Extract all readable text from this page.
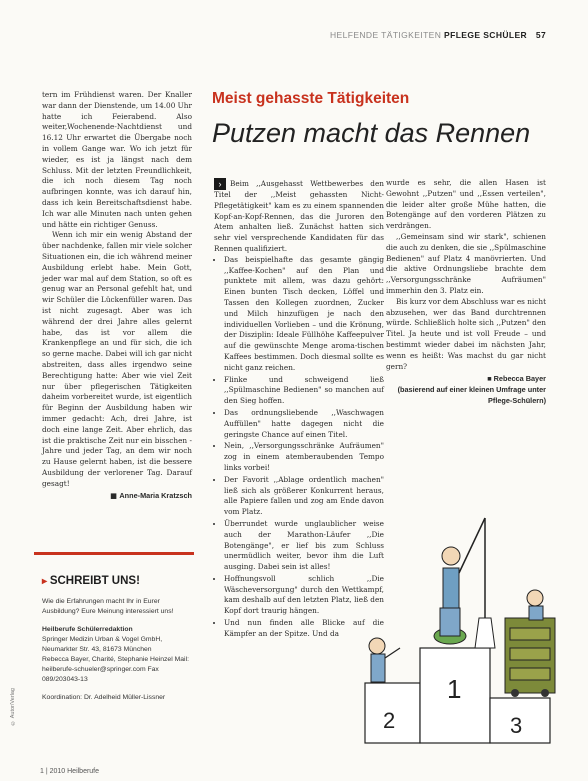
HELFENDE TÄTIGKEITEN PFLEGE SCHÜLER 57
Meist gehasste Tätigkeiten
Putzen macht das Rennen

tern im Frühdienst waren. Der Knaller war dann der Dienstende, um 14.00 Uhr hatte ich Feierabend. Also weiter,Wochenende-Nachtdienst und 16.12 Uhr erwartet die Übergabe noch in vollem Gange war. Wo ich jetzt für wieder, es ist ja längst nach dem Schluss. Mit der letzten Freundlichkeit, die ich noch diesem Tag noch aufbringen konnte, was ich darauf hin, dass ich kein Bereitschaftsdienst habe. Ich war alle Minuten nach unten gehen und hätte ein richtiger Genuss.

Wenn ich mir ein wenig Abstand der über nachdenke, fallen mir viele solcher Situationen ein, die ich während meiner Ausbildung erlebt habe. Mein Gott, jeder war mal auf dem Station, so oft es genug war an Personal gefehlt hat, und wir Schüler die Lückenfüller waren. Das ist nicht zugesagt. Aber was ich während der drei Jahre alles gelernt habe, das ist vor allem die Krankenpflege an und für sich, die ich so gerne mache. Dabei will ich gar nicht abstreiten, dass alles irgendwo seine Berechtigung hatte: Aber wie viel Zeit nur über pflegerischen Tätigkeiten daheim vorbereitet wurde, ist eigentlich für Beginn der Ausbildung haben wir immer gedacht: Ach, drei Jahre, ist doch eine lange Zeit. Aber ehrlich, das ist die praktische Zeit nur ein bisschen - Jahre und jeder Tag, an dem wir noch zu Hause gelernt haben, ist die bessere Ausbildung der verlorener Tag. Darauf gesagt!

■ Anne-Maria Kratzsch

› Beim ,,Ausgehasst Wettbewerbes den Titel der ,,Meist gehassten Nicht-Pflegetätigkeit" kam es zu einem spannenden Kopf-an-Kopf-Rennen, das die Juroren den Atem anhalten ließ. Zunächst hatten sich sehr viel versprechende Kandidaten für das Rennen qualifiziert.

• Das beispielhafte das gesamte gängig ,,Kaffee-Kochen" auf den Plan und punktete mit allem, was dazu gehört: Einen bunten Tisch decken, Löffel und Tassen den Kollegen zuordnen, Zucker und Milch hinzufügen je nach den individuellen Vorlieben – und die Krönung, der Disziplin: Ideale Füllhöhe Kaffeepulver auf die gewünschte Menge aroma-tischen Kaffees bestimmen. Doch diesmal sollte es nicht ganz reichen.
• Flinke und schweigend ließ ,,Spülmaschine Bedienen" so manchen auf den Sieg hoffen.
• Das ordnungsliebende ,,Waschwagen Auffüllen" hatte dagegen nicht die geringste Chance auf einen Titel.
• Nein, ,,Versorgungsschränke Aufräumen" zog in einem atemberaubenden Tempo links vorbei!
• Der Favorit ,,Ablage ordentlich machen" ließ sich als größerer Konkurrent heraus, alle Papiere fallen und zog am Ende davon vom Platz.
• Überrundet wurde unglaublicher weise auch der Marathon-Läufer ,,Die Botengänge", er lief bis zum Schluss unermüdlich weiter, bevor ihm die Luft ausging. Dabei sein ist alles!
• Hoffnungsvoll schlich ,,Die Wäscheversorgung" durch den Wettkampf, kam deshalb auf den letzten Platz, ließ den Kopf dort traurig hängen.
• Und nun finden alle Blicke auf die Kämpfer an der Spitze. Und da

wurde es sehr, die allen Hasen ist Gewohnt ,,Putzen" und ,,Essen verteilen", die leider alter große Mühe hatten, die Botengänge auf den vorderen Plätzen zu verdrängen.

,,Gemeinsam sind wir stark", schienen die auch zu denken, die sie ,,Spülmaschine Bedienen" auf Platz 4 manövrierten. Und die aktive Ordnungsliebe brachte dem ,,Versorgungsschränke Aufräumen" immerhin den 3. Platz ein.

Bis kurz vor dem Abschluss war es nicht abzusehen, wer das Band durchtrennen würde. Schließlich holte sich ,,Putzen" den Titel. Ja heute und ist voll Freude – und bestimmt wieder dabei im nächsten Jahr, wenn es heißt: Was machst du gar nicht gern?

■ Rebecca Bayer
(basierend auf einer kleinen Umfrage unter Pflege-Schülern)
▸ SCHREIBT UNS!
Wie die Erfahrungen macht Ihr in Eurer Ausbildung? Eure Meinung interessiert uns!
Heilberufe Schülerredaktion
Springer Medizin Urban & Vogel GmbH, Neumarkter Str. 43, 81673 München
Rebecca Bayer, Charité, Stephanie Heinzel Mail: heilberufe-schueler@springer.com Fax 089/203043-13
Koordination: Dr. Adelheid Müller-Lissner
2
1
3
1 | 2010 Heilberufe
© Autor/Verlag
